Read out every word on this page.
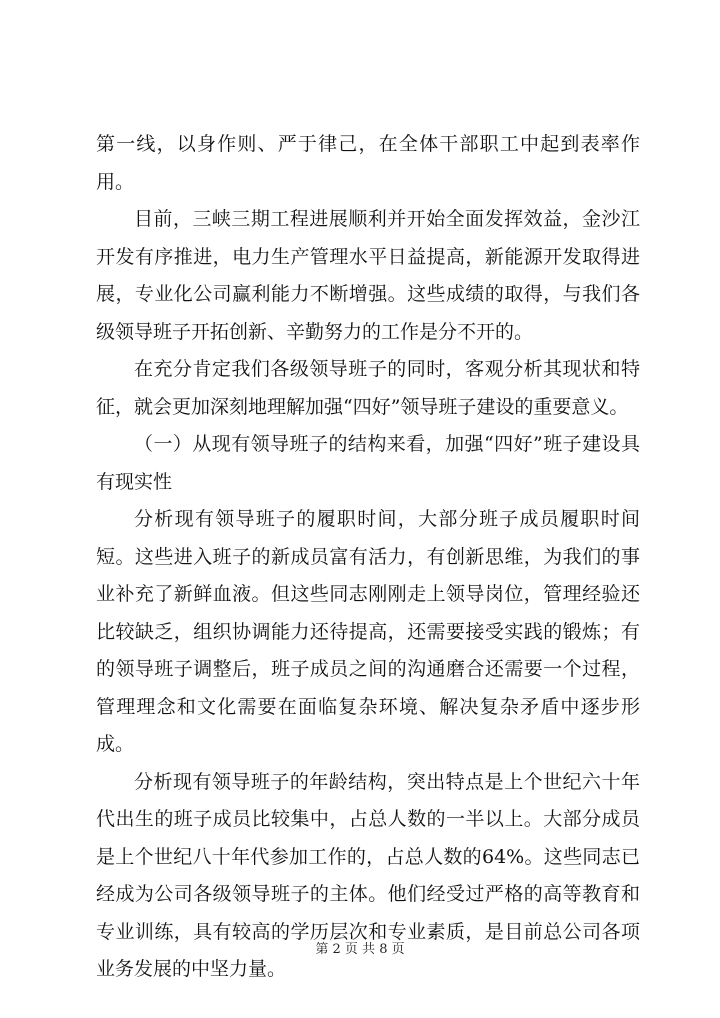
第一线，以身作则、严于律己，在全体干部职工中起到表率作用。

目前，三峡三期工程进展顺利并开始全面发挥效益，金沙江开发有序推进，电力生产管理水平日益提高，新能源开发取得进展，专业化公司赢利能力不断增强。这些成绩的取得，与我们各级领导班子开拓创新、辛勤努力的工作是分不开的。

在充分肯定我们各级领导班子的同时，客观分析其现状和特征，就会更加深刻地理解加强“四好”领导班子建设的重要意义。

（一）从现有领导班子的结构来看，加强“四好”班子建设具有现实性

分析现有领导班子的履职时间，大部分班子成员履职时间短。这些进入班子的新成员富有活力，有创新思维，为我们的事业补充了新鲜血液。但这些同志刚刚走上领导岗位，管理经验还比较缺乏，组织协调能力还待提高，还需要接受实践的锻炼；有的领导班子调整后，班子成员之间的沟通磨合还需要一个过程，管理理念和文化需要在面临复杂环境、解决复杂矛盾中逐步形成。

分析现有领导班子的年龄结构，突出特点是上个世纪六十年代出生的班子成员比较集中，占总人数的一半以上。大部分成员是上个世纪八十年代参加工作的，占总人数的64%。这些同志已经成为公司各级领导班子的主体。他们经受过严格的高等教育和专业训练，具有较高的学历层次和专业素质，是目前总公司各项业务发展的中坚力量。

第 2 页 共 8 页
